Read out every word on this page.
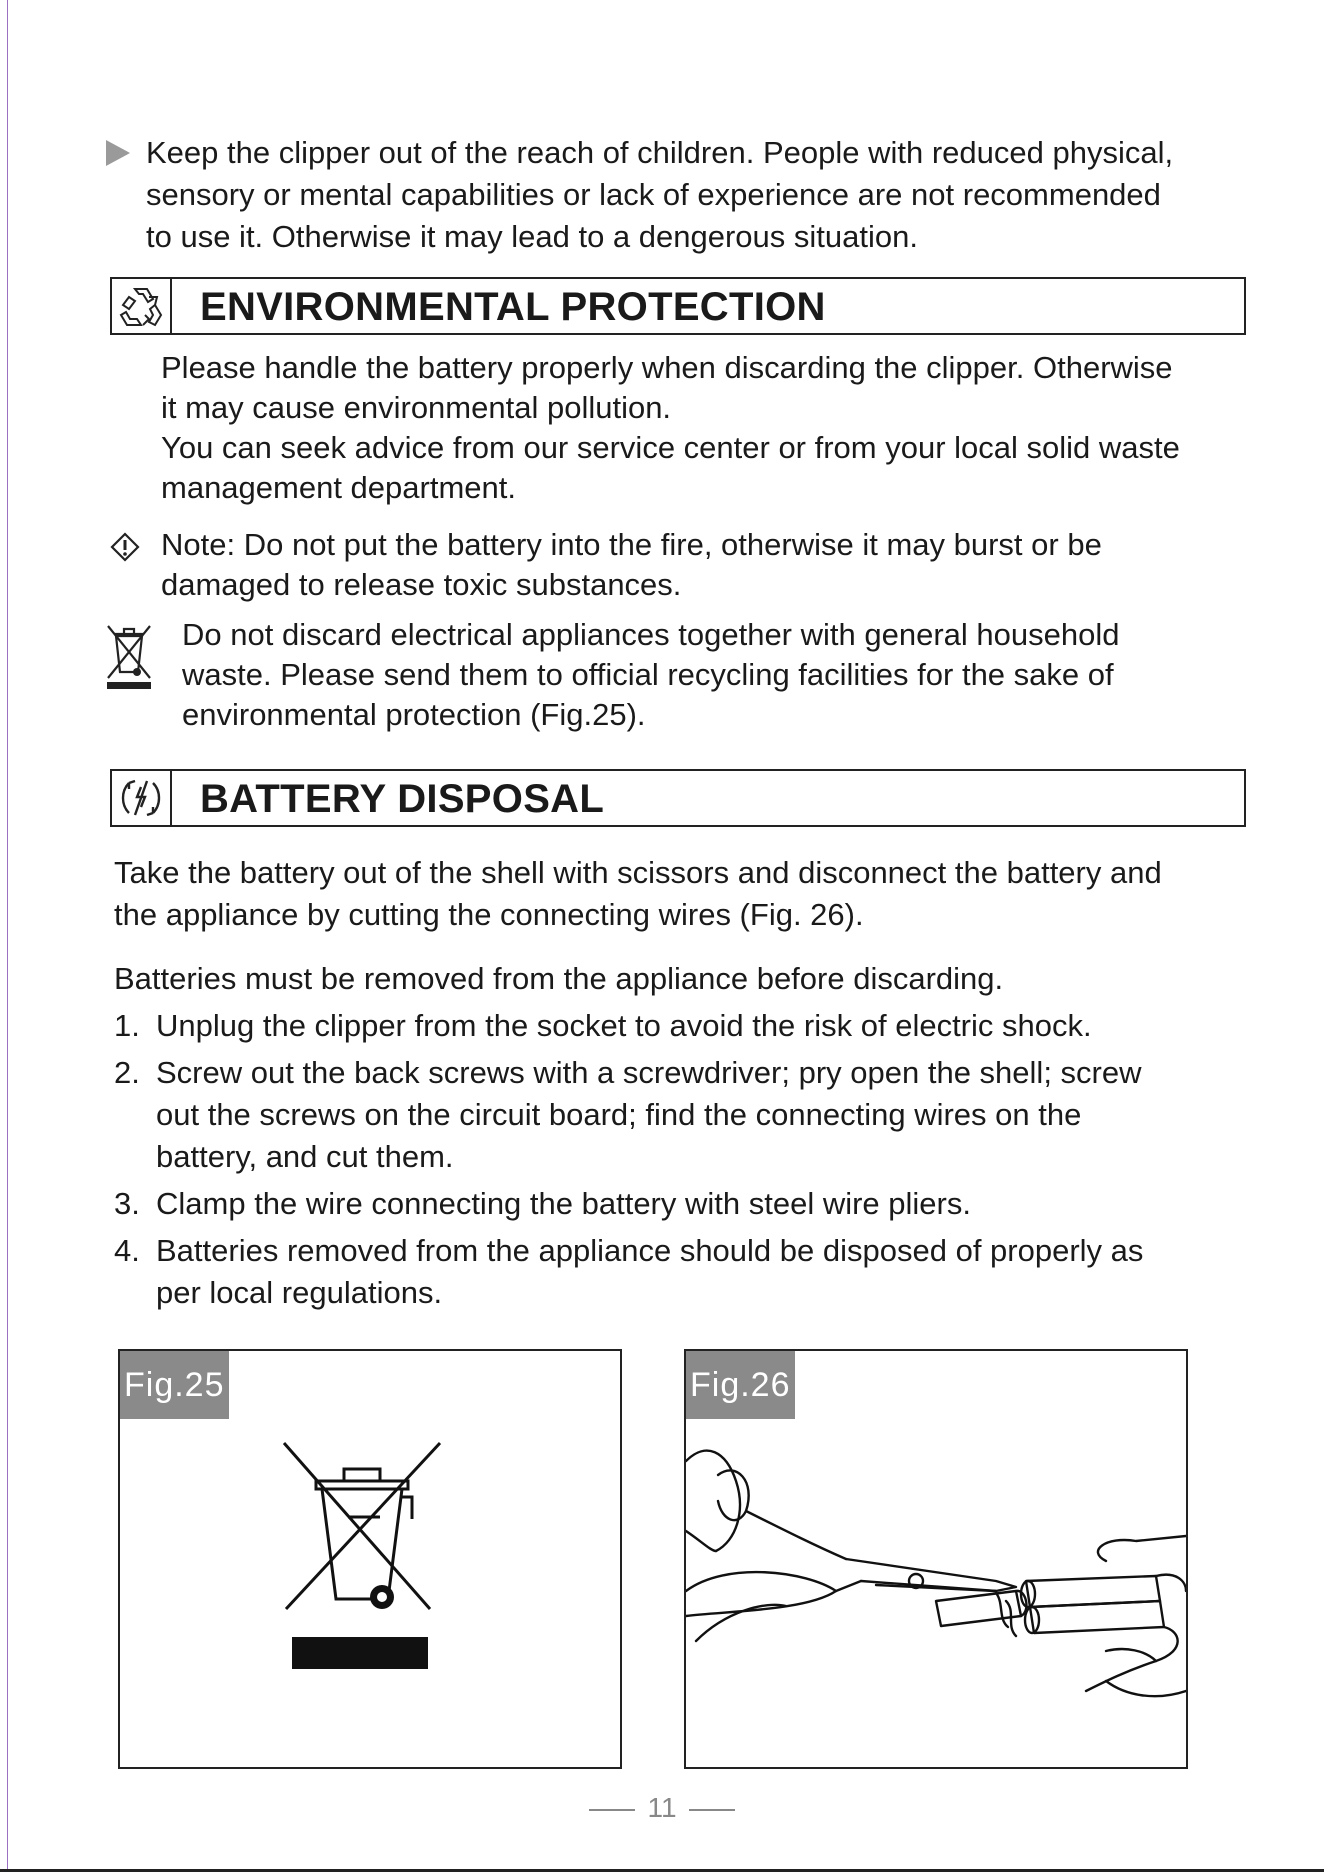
Keep the clipper out of the reach of children. People with reduced physical,

sensory or mental capabilities or lack of experience are not recommended

to use it. Otherwise it may lead to a dengerous situation.

ENVIRONMENTAL PROTECTION

Please handle the battery properly when discarding the clipper. Otherwise

it may cause environmental pollution.

You can seek advice from our service center or from your local solid waste

management department.

Note: Do not put the battery into the fire, otherwise it may burst or be

damaged to release toxic substances.

Do not discard electrical appliances together with general household

waste. Please send them to official recycling facilities for the sake of

environmental protection (Fig.25).

BATTERY DISPOSAL

Take the battery out of the shell with scissors and disconnect the battery and

the appliance by cutting the connecting wires (Fig. 26).

Batteries must be removed from the appliance before discarding.
1. Unplug the clipper from the socket to avoid the risk of electric shock.
2. Screw out the back screws with a screwdriver; pry open the shell; screw
out the screws on the circuit board; find the connecting wires on the
battery, and cut them.
3. Clamp the wire connecting the battery with steel wire pliers.
4. Batteries removed from the appliance should be disposed of properly as
per local regulations.
Fig.25	Fig.26
11
